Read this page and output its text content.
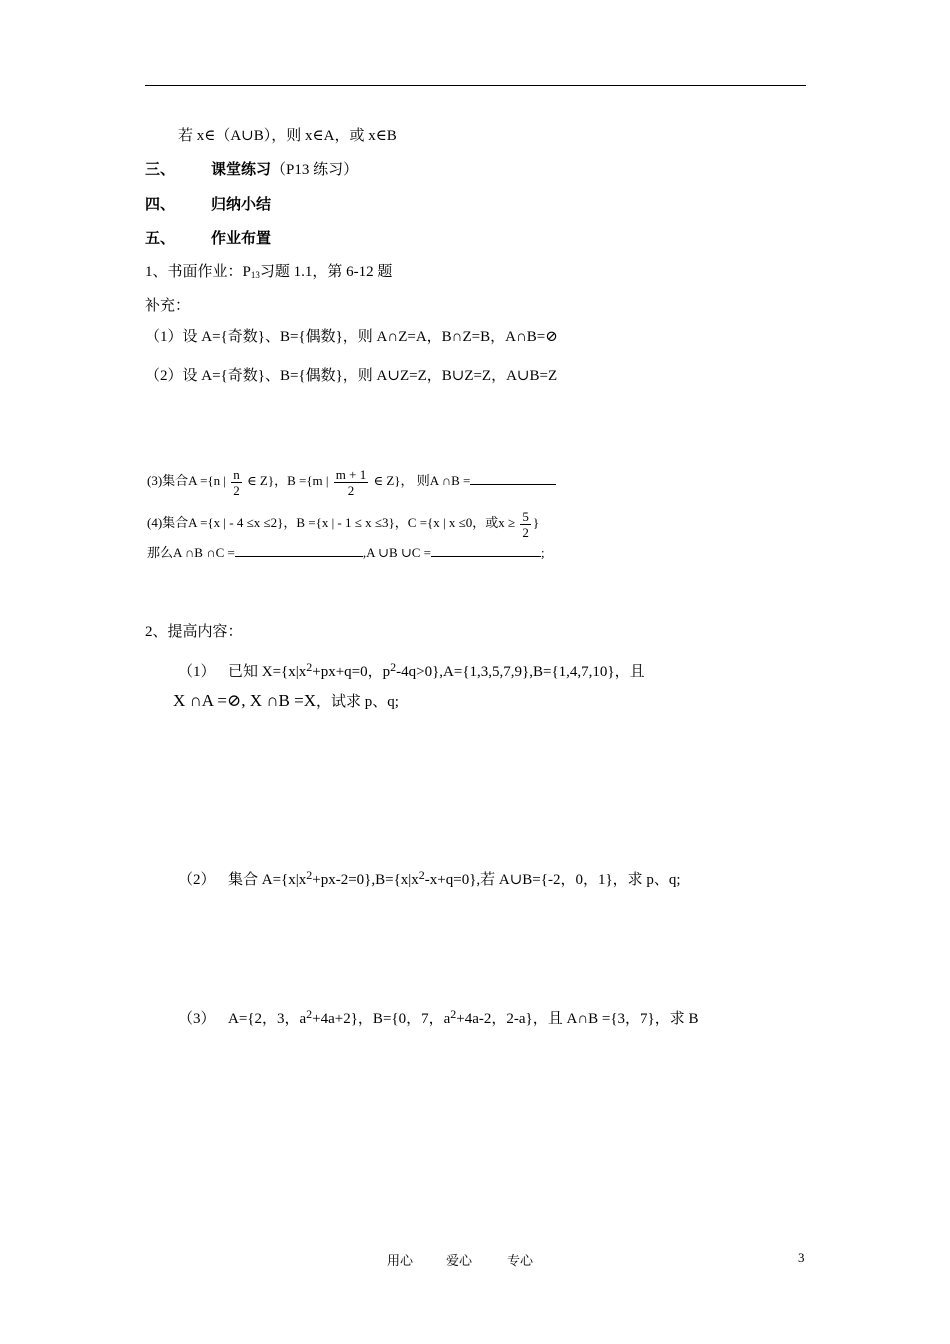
若 x∈（A∪B），则 x∈A，或 x∈B
三、 课堂练习（P13 练习）
四、 归纳小结
五、 作业布置
1、书面作业：$P_{13}$习题 1.1，第 6-12 题
补充：
（1）设 A={奇数}、B={偶数}，则 A∩Z=A，B∩Z=B，A∩B=⊘
（2）设 A={奇数}、B={偶数}，则 A∪Z=Z，B∪Z=Z，A∪B=Z
(3)集合A ={n | $\frac{n}{2}$ ∈ Z}，B ={m | $\frac{m + 1}{2}$ ∈ Z}， 则A ∩B =
(4)集合A ={x | - 4 ≤x ≤2}，B ={x | - 1 ≤ x ≤3}，C ={x | x ≤0，或$x \ge \frac{5}{2}$ }
那么A ∩B ∩C =	,A ∪B ∪C =	;
2、提高内容：
（1） 已知 $X=\{x|x^2+px+q=0$，$p^2-4q>0\},A=\{1,3,5,7,9\},B=\{1,4,7,10\}$，且
X ∩A =⊘, X ∩B =X，试求 p、q;
（2） 集合 $A=\{x|x^2+px-2=0\},B=\{x|x^2-x+q=0\}$,若 A∪B={-2，0，1}，求 p、q;
（3） A={2，3，$a^2+4a+2$}，B={0，7，$a^2+4a-2$，2-a}，且 A∩B ={3，7}，求 B
用心	爱心	专心	3
